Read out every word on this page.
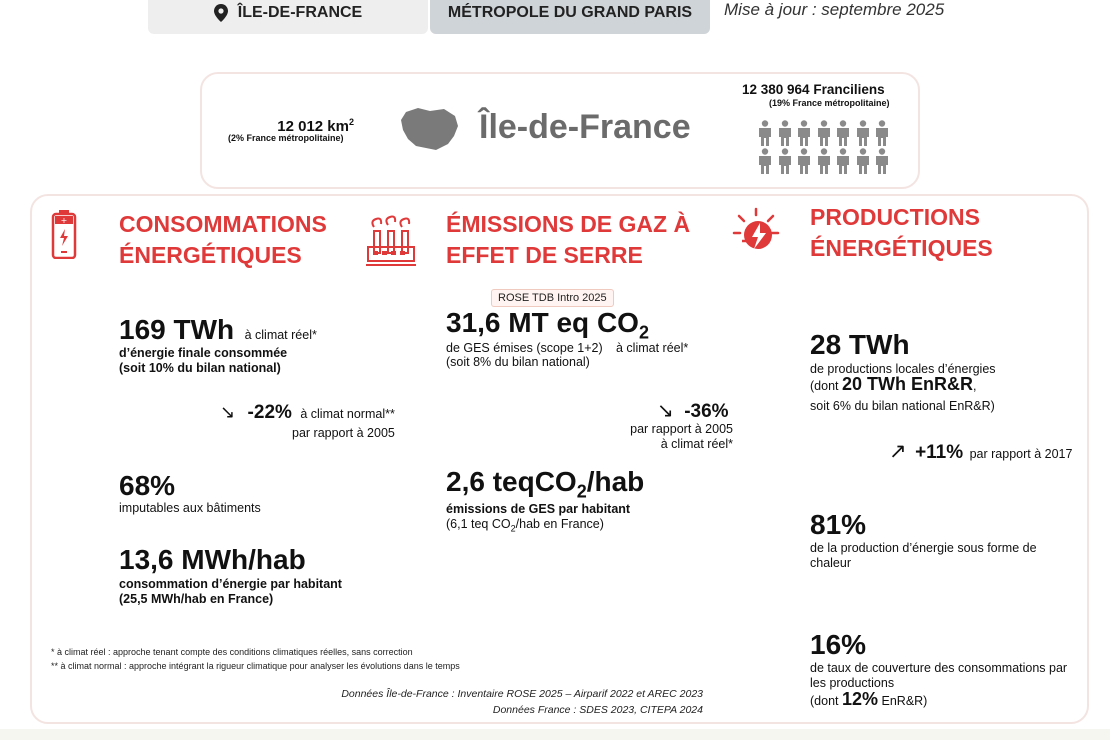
ÎLE-DE-FRANCE	MÉTROPOLE DU GRAND PARIS Mise à jour : septembre 2025
12 012 $km^2$
(2% France métropolitaine)	Île-de-France
12 380 964 Franciliens
(19% France métropolitaine)
+ CONSOMMATIONS
ÉNERGÉTIQUES
169 TWh à climat réel*
d’énergie finale consommée
(soit 10% du bilan national)
↘ -22% à climat normal**
par rapport à 2005
68%
imputables aux bâtiments
13,6 MWh/hab
consommation d’énergie par habitant
(25,5 MWh/hab en France)
ÉMISSIONS DE GAZ À
EFFET DE SERRE
ROSE TDB Intro 2025
31,6 MT eq $CO_2$
de GES émises (scope 1+2) à climat réel*
(soit 8% du bilan national)
↘ -36%
par rapport à 2005
à climat réel*
2,6 teqCO$_2$/hab
émissions de GES par habitant
(6,1 teq $CO_2$/hab en France)
PRODUCTIONS
ÉNERGÉTIQUES
28 TWh
de productions locales d’énergies
(dont 20 TWh EnR&R,
soit 6% du bilan national EnR&R)
↗ +11% par rapport à 2017
81%
de la production d’énergie sous forme de
chaleur
16%
de taux de couverture des consommations par
les productions
(dont 12% EnR&R)
* à climat réel : approche tenant compte des conditions climatiques réelles, sans correction
** à climat normal : approche intégrant la rigueur climatique pour analyser les évolutions dans le temps
Données Île-de-France : Inventaire ROSE 2025 – Airparif 2022 et AREC 2023
Données France : SDES 2023, CITEPA 2024
